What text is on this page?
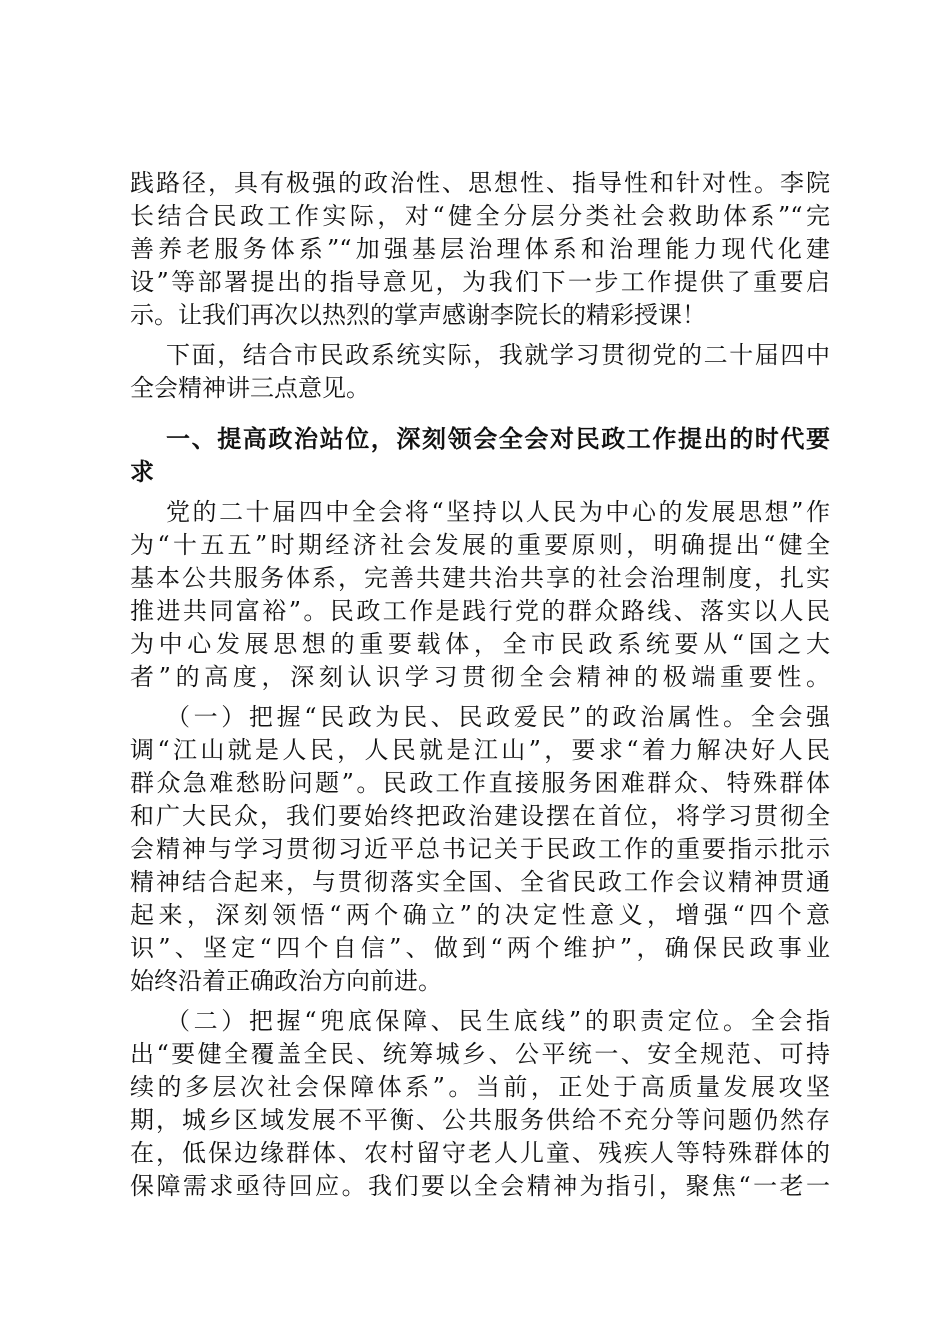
践路径，具有极强的政治性、思想性、指导性和针对性。李院

长结合民政工作实际，对“健全分层分类社会救助体系”“完

善养老服务体系”“加强基层治理体系和治理能力现代化建

设”等部署提出的指导意见，为我们下一步工作提供了重要启

示。让我们再次以热烈的掌声感谢李院长的精彩授课！

下面，结合市民政系统实际，我就学习贯彻党的二十届四中

全会精神讲三点意见。

一、提高政治站位，深刻领会全会对民政工作提出的时代要

求

党的二十届四中全会将“坚持以人民为中心的发展思想”作

为“十五五”时期经济社会发展的重要原则，明确提出“健全

基本公共服务体系，完善共建共治共享的社会治理制度，扎实

推进共同富裕”。民政工作是践行党的群众路线、落实以人民

为中心发展思想的重要载体，全市民政系统要从“国之大

者”的高度，深刻认识学习贯彻全会精神的极端重要性。

（一）把握“民政为民、民政爱民”的政治属性。全会强

调“江山就是人民，人民就是江山”，要求“着力解决好人民

群众急难愁盼问题”。民政工作直接服务困难群众、特殊群体

和广大民众，我们要始终把政治建设摆在首位，将学习贯彻全

会精神与学习贯彻习近平总书记关于民政工作的重要指示批示

精神结合起来，与贯彻落实全国、全省民政工作会议精神贯通

起来，深刻领悟“两个确立”的决定性意义，增强“四个意

识”、坚定“四个自信”、做到“两个维护”，确保民政事业

始终沿着正确政治方向前进。

（二）把握“兜底保障、民生底线”的职责定位。全会指

出“要健全覆盖全民、统筹城乡、公平统一、安全规范、可持

续的多层次社会保障体系”。当前，正处于高质量发展攻坚

期，城乡区域发展不平衡、公共服务供给不充分等问题仍然存

在，低保边缘群体、农村留守老人儿童、残疾人等特殊群体的

保障需求亟待回应。我们要以全会精神为指引，聚焦“一老一
